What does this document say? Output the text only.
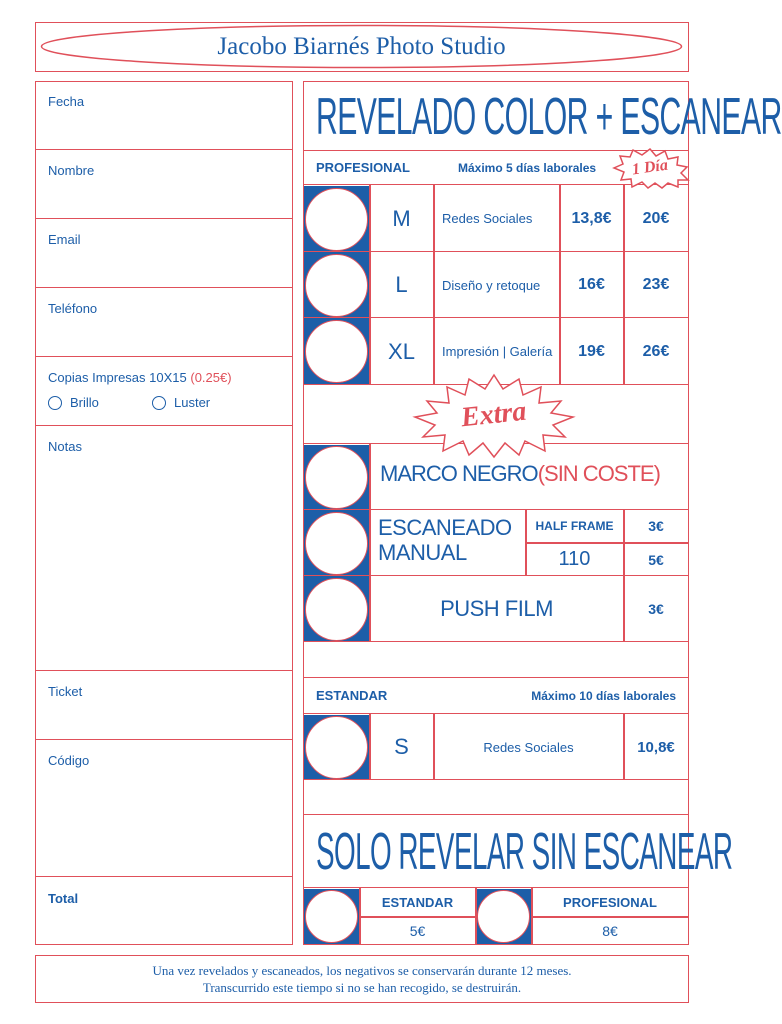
Jacobo Biarnés Photo Studio
Fecha
Nombre
Email
Teléfono
Copias Impresas 10X15 (0.25€)
Brillo	Luster
Notas
Ticket
Código
Total
REVELADO COLOR + ESCANEAR
PROFESIONAL	Máximo 5 días laborales 1 Día
M Redes Sociales 13,8€ 20€
L	Diseño y retoque 16€ 23€
XL Impresión | Galería 19€ 26€
Extra
MARCO NEGRO(SIN COSTE)
ESCANEADO
MANUAL
HALF FRAME 3€
110	5€
PUSH FILM	3€
ESTANDAR	Máximo 10 días laborales
S	Redes Sociales	10,8€
SOLO REVELAR SIN ESCANEAR
ESTANDAR
5€
PROFESIONAL
8€
Una vez revelados y escaneados, los negativos se conservarán durante 12 meses.
Transcurrido este tiempo si no se han recogido, se destruirán.
